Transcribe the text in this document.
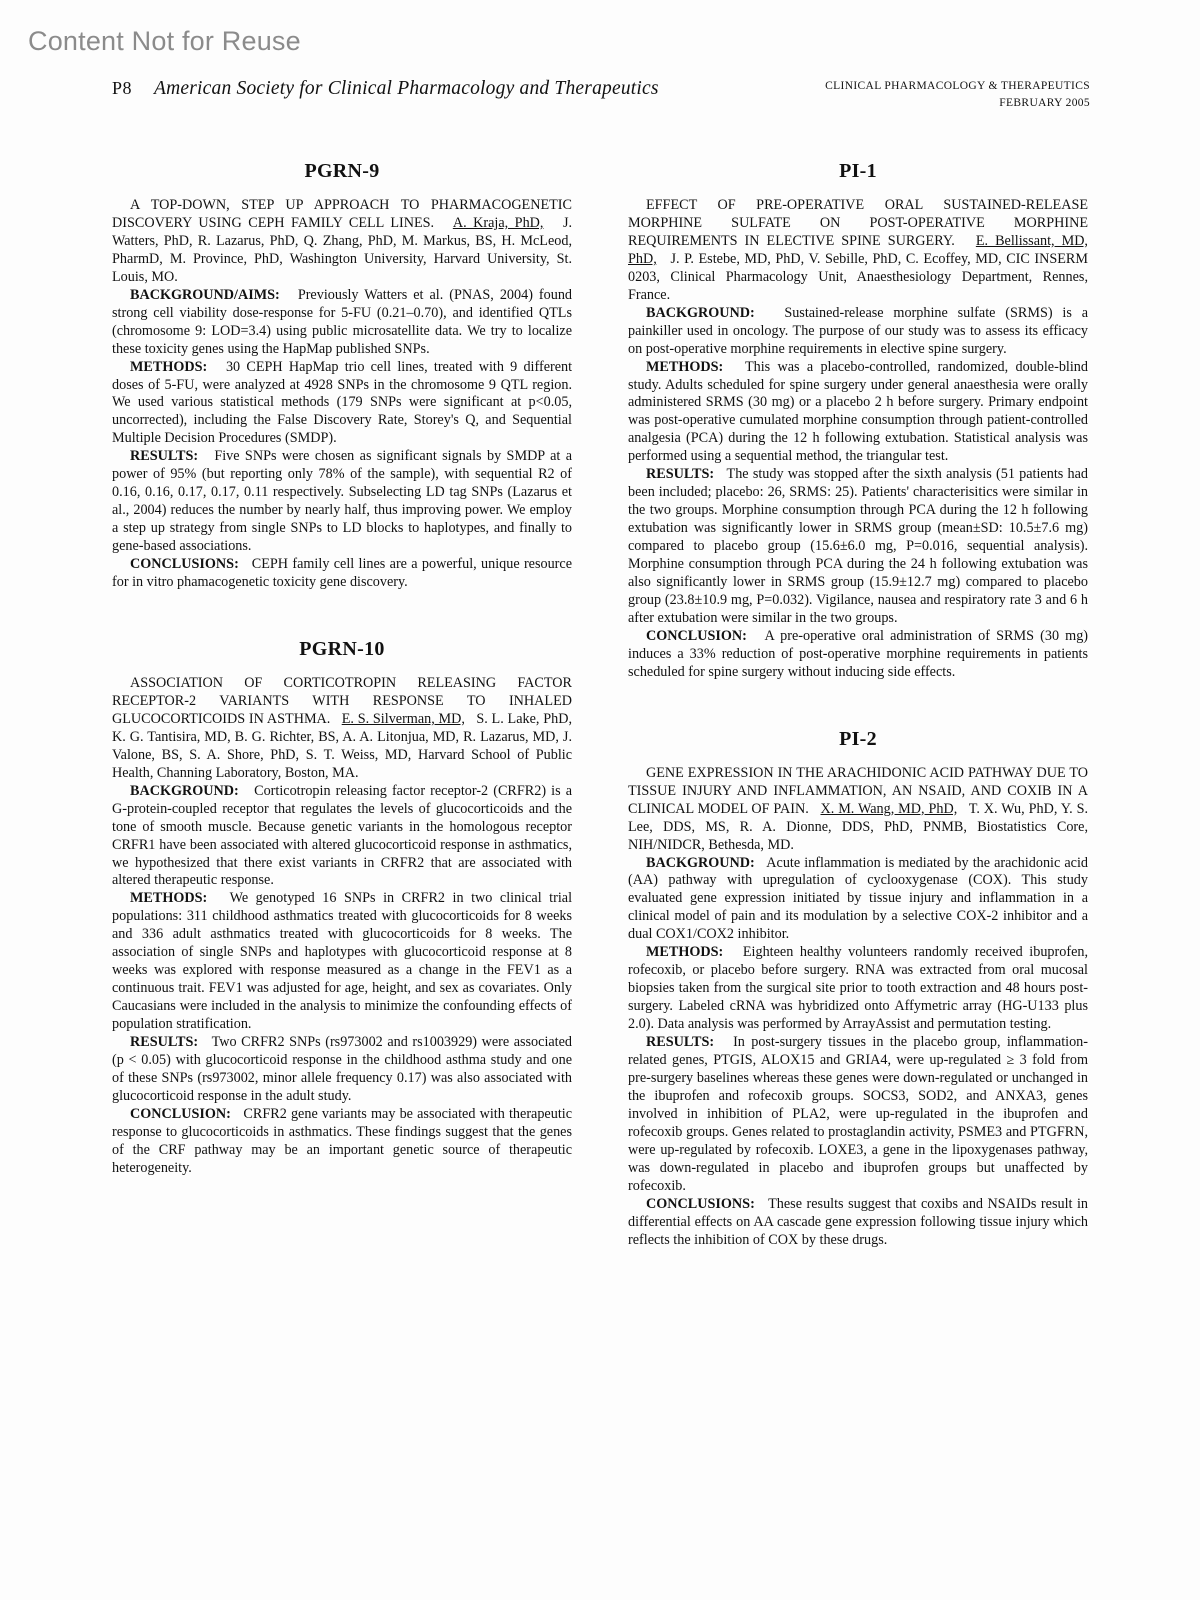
Content Not for Reuse
P8 American Society for Clinical Pharmacology and Therapeutics	CLINICAL PHARMACOLOGY & THERAPEUTICS
FEBRUARY 2005
PGRN-9

A TOP-DOWN, STEP UP APPROACH TO PHARMACOGENETIC DISCOVERY USING CEPH FAMILY CELL LINES. A. Kraja, PhD, J. Watters, PhD, R. Lazarus, PhD, Q. Zhang, PhD, M. Markus, BS, H. McLeod, PharmD, M. Province, PhD, Washington University, Harvard University, St. Louis, MO.

BACKGROUND/AIMS: Previously Watters et al. (PNAS, 2004) found strong cell viability dose-response for 5-FU (0.21–0.70), and identified QTLs (chromosome 9: LOD=3.4) using public microsatellite data. We try to localize these toxicity genes using the HapMap published SNPs.

METHODS: 30 CEPH HapMap trio cell lines, treated with 9 different doses of 5-FU, were analyzed at 4928 SNPs in the chromosome 9 QTL region. We used various statistical methods (179 SNPs were significant at p<0.05, uncorrected), including the False Discovery Rate, Storey's Q, and Sequential Multiple Decision Procedures (SMDP).

RESULTS: Five SNPs were chosen as significant signals by SMDP at a power of 95% (but reporting only 78% of the sample), with sequential R2 of 0.16, 0.16, 0.17, 0.17, 0.11 respectively. Subselecting LD tag SNPs (Lazarus et al., 2004) reduces the number by nearly half, thus improving power. We employ a step up strategy from single SNPs to LD blocks to haplotypes, and finally to gene-based associations.

CONCLUSIONS: CEPH family cell lines are a powerful, unique resource for in vitro phamacogenetic toxicity gene discovery.

PGRN-10

ASSOCIATION OF CORTICOTROPIN RELEASING FACTOR RECEPTOR-2 VARIANTS WITH RESPONSE TO INHALED GLUCOCORTICOIDS IN ASTHMA. E. S. Silverman, MD, S. L. Lake, PhD, K. G. Tantisira, MD, B. G. Richter, BS, A. A. Litonjua, MD, R. Lazarus, MD, J. Valone, BS, S. A. Shore, PhD, S. T. Weiss, MD, Harvard School of Public Health, Channing Laboratory, Boston, MA.

BACKGROUND: Corticotropin releasing factor receptor-2 (CRFR2) is a G-protein-coupled receptor that regulates the levels of glucocorticoids and the tone of smooth muscle. Because genetic variants in the homologous receptor CRFR1 have been associated with altered glucocorticoid response in asthmatics, we hypothesized that there exist variants in CRFR2 that are associated with altered therapeutic response.

METHODS: We genotyped 16 SNPs in CRFR2 in two clinical trial populations: 311 childhood asthmatics treated with glucocorticoids for 8 weeks and 336 adult asthmatics treated with glucocorticoids for 8 weeks. The association of single SNPs and haplotypes with glucocorticoid response at 8 weeks was explored with response measured as a change in the FEV1 as a continuous trait. FEV1 was adjusted for age, height, and sex as covariates. Only Caucasians were included in the analysis to minimize the confounding effects of population stratification.

RESULTS: Two CRFR2 SNPs (rs973002 and rs1003929) were associated (p < 0.05) with glucocorticoid response in the childhood asthma study and one of these SNPs (rs973002, minor allele frequency 0.17) was also associated with glucocorticoid response in the adult study.

CONCLUSION: CRFR2 gene variants may be associated with therapeutic response to glucocorticoids in asthmatics. These findings suggest that the genes of the CRF pathway may be an important genetic source of therapeutic heterogeneity.

PI-1

EFFECT OF PRE-OPERATIVE ORAL SUSTAINED-RELEASE MORPHINE SULFATE ON POST-OPERATIVE MORPHINE REQUIREMENTS IN ELECTIVE SPINE SURGERY. E. Bellissant, MD, PhD, J. P. Estebe, MD, PhD, V. Sebille, PhD, C. Ecoffey, MD, CIC INSERM 0203, Clinical Pharmacology Unit, Anaesthesiology Department, Rennes, France.

BACKGROUND: Sustained-release morphine sulfate (SRMS) is a painkiller used in oncology. The purpose of our study was to assess its efficacy on post-operative morphine requirements in elective spine surgery.

METHODS: This was a placebo-controlled, randomized, double-blind study. Adults scheduled for spine surgery under general anaesthesia were orally administered SRMS (30 mg) or a placebo 2 h before surgery. Primary endpoint was post-operative cumulated morphine consumption through patient-controlled analgesia (PCA) during the 12 h following extubation. Statistical analysis was performed using a sequential method, the triangular test.

RESULTS: The study was stopped after the sixth analysis (51 patients had been included; placebo: 26, SRMS: 25). Patients' characterisitics were similar in the two groups. Morphine consumption through PCA during the 12 h following extubation was significantly lower in SRMS group (mean±SD: 10.5±7.6 mg) compared to placebo group (15.6±6.0 mg, P=0.016, sequential analysis). Morphine consumption through PCA during the 24 h following extubation was also significantly lower in SRMS group (15.9±12.7 mg) compared to placebo group (23.8±10.9 mg, P=0.032). Vigilance, nausea and respiratory rate 3 and 6 h after extubation were similar in the two groups.

CONCLUSION: A pre-operative oral administration of SRMS (30 mg) induces a 33% reduction of post-operative morphine requirements in patients scheduled for spine surgery without inducing side effects.

PI-2

GENE EXPRESSION IN THE ARACHIDONIC ACID PATHWAY DUE TO TISSUE INJURY AND INFLAMMATION, AN NSAID, AND COXIB IN A CLINICAL MODEL OF PAIN. X. M. Wang, MD, PhD, T. X. Wu, PhD, Y. S. Lee, DDS, MS, R. A. Dionne, DDS, PhD, PNMB, Biostatistics Core, NIH/NIDCR, Bethesda, MD.

BACKGROUND: Acute inflammation is mediated by the arachidonic acid (AA) pathway with upregulation of cyclooxygenase (COX). This study evaluated gene expression initiated by tissue injury and inflammation in a clinical model of pain and its modulation by a selective COX-2 inhibitor and a dual COX1/COX2 inhibitor.

METHODS: Eighteen healthy volunteers randomly received ibuprofen, rofecoxib, or placebo before surgery. RNA was extracted from oral mucosal biopsies taken from the surgical site prior to tooth extraction and 48 hours post-surgery. Labeled cRNA was hybridized onto Affymetric array (HG-U133 plus 2.0). Data analysis was performed by ArrayAssist and permutation testing.

RESULTS: In post-surgery tissues in the placebo group, inflammation-related genes, PTGIS, ALOX15 and GRIA4, were up-regulated ≥ 3 fold from pre-surgery baselines whereas these genes were down-regulated or unchanged in the ibuprofen and rofecoxib groups. SOCS3, SOD2, and ANXA3, genes involved in inhibition of PLA2, were up-regulated in the ibuprofen and rofecoxib groups. Genes related to prostaglandin activity, PSME3 and PTGFRN, were up-regulated by rofecoxib. LOXE3, a gene in the lipoxygenases pathway, was down-regulated in placebo and ibuprofen groups but unaffected by rofecoxib.

CONCLUSIONS: These results suggest that coxibs and NSAIDs result in differential effects on AA cascade gene expression following tissue injury which reflects the inhibition of COX by these drugs.
